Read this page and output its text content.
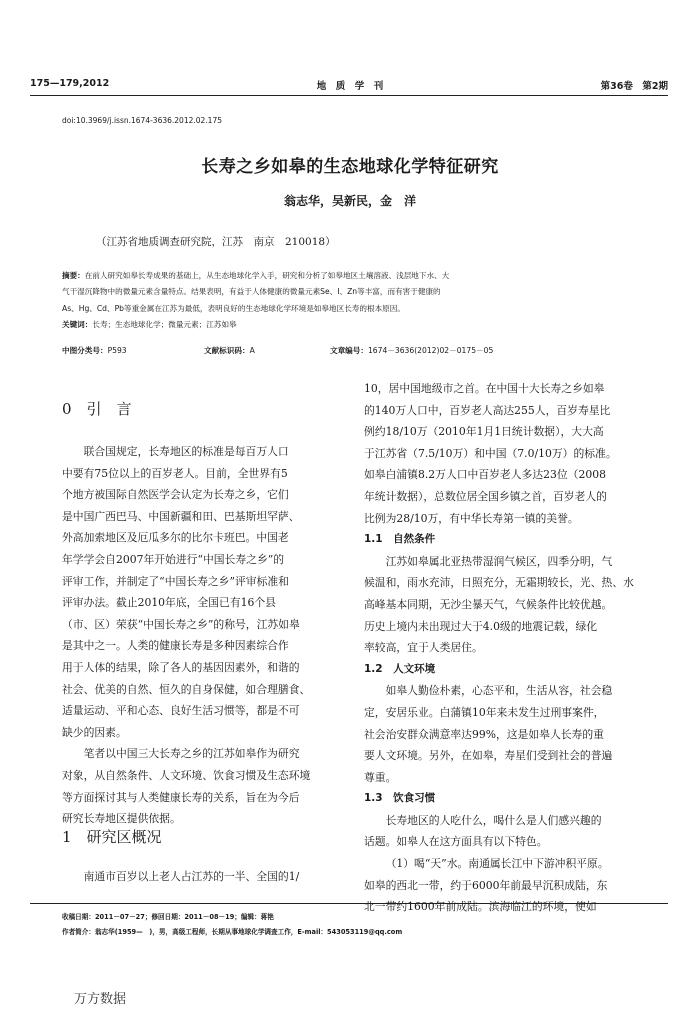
175—179,2012	地　质　学　刊	第36卷　第2期
doi:10.3969/j.issn.1674-3636.2012.02.175
长寿之乡如皋的生态地球化学特征研究
翁志华，吴新民，金　洋
（江苏省地质调查研究院，江苏　南京　210018）
摘要：在前人研究如皋长寿成果的基础上，从生态地球化学入手，研究和分析了如皋地区土壤溶液、浅层地下水、大
气干湿沉降物中的微量元素含量特点。结果表明，有益于人体健康的微量元素Se、I、Zn等丰富，而有害于健康的
As、Hg、Cd、Pb等重金属在江苏为最低，表明良好的生态地球化学环境是如皋地区长寿的根本原因。
关键词：长寿；生态地球化学；微量元素；江苏如皋
中图分类号：P593	文献标识码：A	文章编号：1674－3636(2012)02－0175－05
0　引　言
联合国规定，长寿地区的标准是每百万人口
中要有75位以上的百岁老人。目前，全世界有5
个地方被国际自然医学会认定为长寿之乡，它们
是中国广西巴马、中国新疆和田、巴基斯坦罕萨、
外高加索地区及厄瓜多尔的比尔卡班巴。中国老
年学学会自2007年开始进行“中国长寿之乡”的
评审工作，并制定了“中国长寿之乡”评审标准和
评审办法。截止2010年底，全国已有16个县
（市、区）荣获“中国长寿之乡”的称号，江苏如皋
是其中之一。人类的健康长寿是多种因素综合作
用于人体的结果，除了各人的基因因素外，和谐的
社会、优美的自然、恒久的自身保健，如合理膳食、
适量运动、平和心态、良好生活习惯等，都是不可
缺少的因素。
笔者以中国三大长寿之乡的江苏如皋作为研究
对象，从自然条件、人文环境、饮食习惯及生态环境
等方面探讨其与人类健康长寿的关系，旨在为今后
研究长寿地区提供依据。
1　研究区概况
南通市百岁以上老人占江苏的一半、全国的1/
10，居中国地级市之首。在中国十大长寿之乡如皋
的140万人口中，百岁老人高达255人，百岁寿星比
例约18/10万（2010年1月1日统计数据），大大高
于江苏省（7.5/10万）和中国（7.0/10万）的标准。
如皋白浦镇8.2万人口中百岁老人多达23位（2008
年统计数据），总数位居全国乡镇之首，百岁老人的
比例为28/10万，有中华长寿第一镇的美誉。
1.1　自然条件
江苏如皋属北亚热带湿润气候区，四季分明，气
候温和，雨水充沛，日照充分，无霜期较长，光、热、水
高峰基本同期，无沙尘暴天气，气候条件比较优越。
历史上境内未出现过大于4.0级的地震记载，绿化
率较高，宜于人类居住。
1.2　人文环境
如皋人勤俭朴素，心态平和，生活从容，社会稳
定，安居乐业。白蒲镇10年来未发生过刑事案件，
社会治安群众满意率达99%，这是如皋人长寿的重
要人文环境。另外，在如皋，寿星们受到社会的普遍
尊重。
1.3　饮食习惯
长寿地区的人吃什么，喝什么是人们感兴趣的
话题。如皋人在这方面具有以下特色。
（1）喝“天”水。南通属长江中下游冲积平原。
如皋的西北一带，约于6000年前最早沉积成陆，东
北一带约1600年前成陆。滨海临江的环境，使如
收稿日期：2011－07－27；修回日期：2011－08－19；编辑：蒋艳
作者简介：翁志华(1959—　)，男，高级工程师，长期从事地球化学调查工作，E-mail：543053119@qq.com
万方数据
